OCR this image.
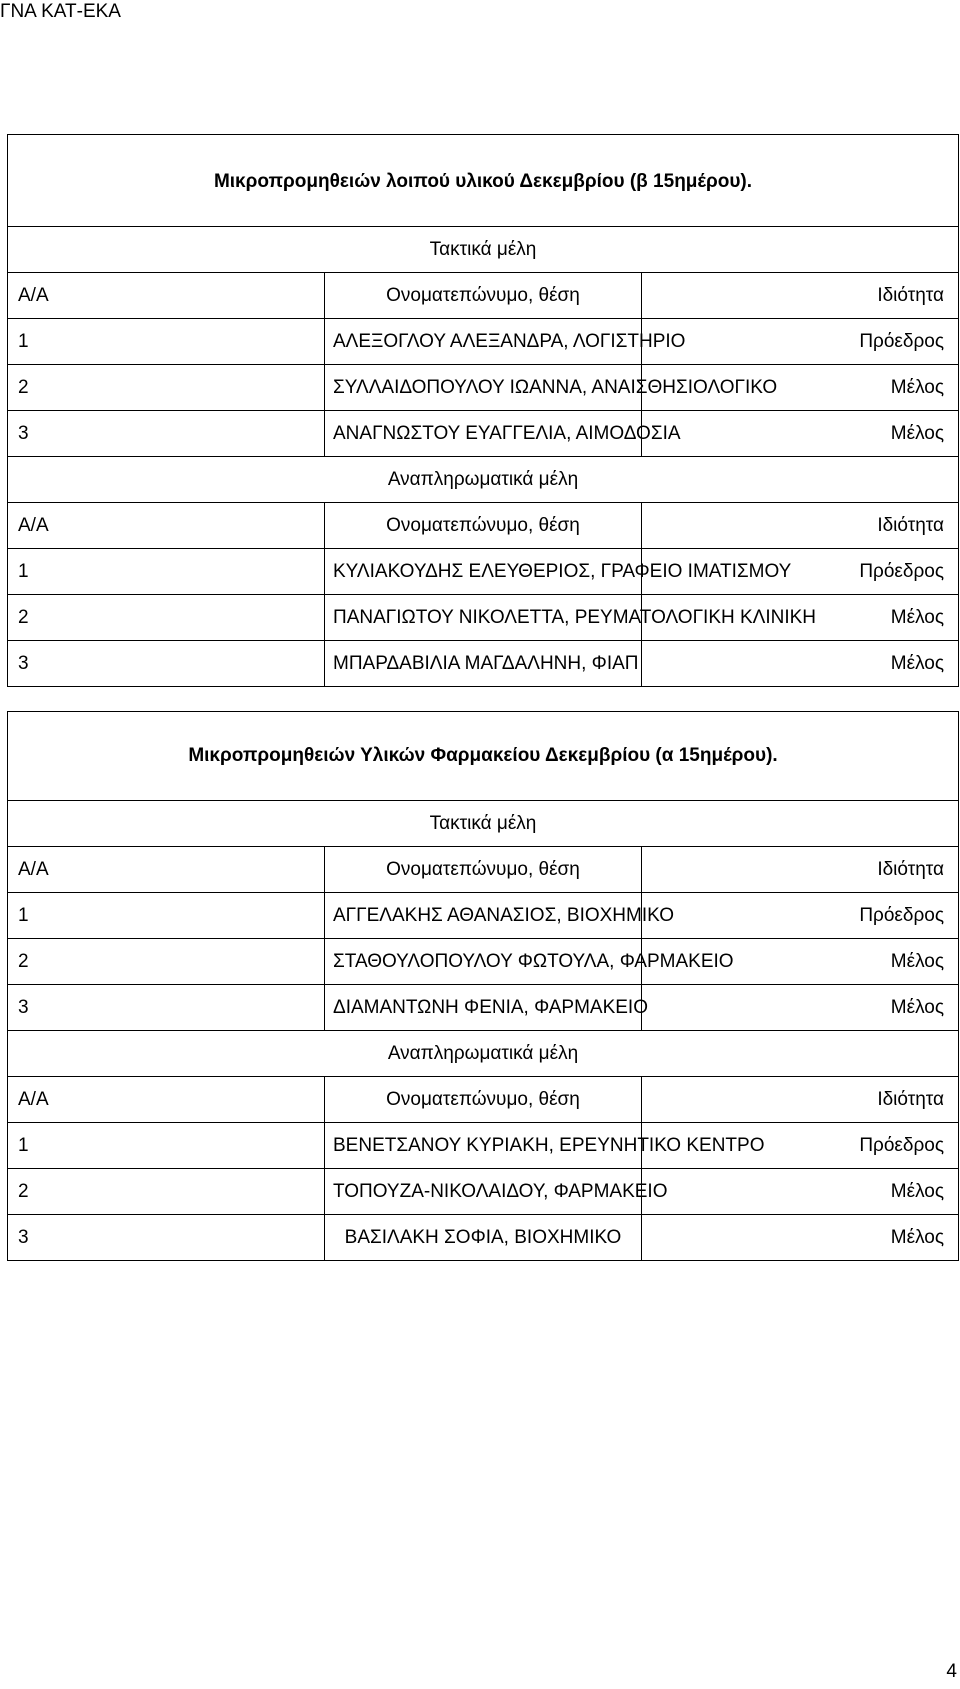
ΓΝΑ ΚΑΤ-ΕΚΑ
Μικροπρομηθειών λοιπού υλικού Δεκεμβρίου (β 15ημέρου).		
Τακτικά μέλη		
Α/Α	Ονοματεπώνυμο, θέση	Ιδιότητα
1	ΑΛΕΞΟΓΛΟΥ ΑΛΕΞΑΝΔΡΑ, ΛΟΓΙΣΤΗΡΙΟ	Πρόεδρος
2	ΣΥΛΛΑΙΔΟΠΟΥΛΟΥ ΙΩΑΝΝΑ, ΑΝΑΙΣΘΗΣΙΟΛΟΓΙΚΟ	Μέλος
3	ΑΝΑΓΝΩΣΤΟΥ ΕΥΑΓΓΕΛΙΑ, ΑΙΜΟΔΟΣΙΑ	Μέλος
Αναπληρωματικά μέλη		
Α/Α	Ονοματεπώνυμο, θέση	Ιδιότητα
1	ΚΥΛΙΑΚΟΥΔΗΣ ΕΛΕΥΘΕΡΙΟΣ, ΓΡΑΦΕΙΟ ΙΜΑΤΙΣΜΟΥ	Πρόεδρος
2	ΠΑΝΑΓΙΩΤΟΥ ΝΙΚΟΛΕΤΤΑ, ΡΕΥΜΑΤΟΛΟΓΙΚΗ ΚΛΙΝΙΚΗ	Μέλος
3	ΜΠΑΡΔΑΒΙΛΙΑ ΜΑΓΔΑΛΗΝΗ, ΦΙΑΠ	Μέλος
Μικροπρομηθειών Υλικών Φαρμακείου Δεκεμβρίου (α 15ημέρου).		
Τακτικά μέλη		
Α/Α	Ονοματεπώνυμο, θέση	Ιδιότητα
1	ΑΓΓΕΛΑΚΗΣ ΑΘΑΝΑΣΙΟΣ, ΒΙΟΧΗΜΙΚΟ	Πρόεδρος
2	ΣΤΑΘΟΥΛΟΠΟΥΛΟΥ ΦΩΤΟΥΛΑ, ΦΑΡΜΑΚΕΙΟ	Μέλος
3	ΔΙΑΜΑΝΤΩΝΗ ΦΕΝΙΑ, ΦΑΡΜΑΚΕΙΟ	Μέλος
Αναπληρωματικά μέλη		
Α/Α	Ονοματεπώνυμο, θέση	Ιδιότητα
1	ΒΕΝΕΤΣΑΝΟΥ ΚΥΡΙΑΚΗ, ΕΡΕΥΝΗΤΙΚΟ ΚΕΝΤΡΟ	Πρόεδρος
2	ΤΟΠΟΥΖΑ-ΝΙΚΟΛΑΙΔΟΥ, ΦΑΡΜΑΚΕΙΟ	Μέλος
3	ΒΑΣΙΛΑΚΗ ΣΟΦΙΑ, ΒΙΟΧΗΜΙΚΟ	Μέλος
4
